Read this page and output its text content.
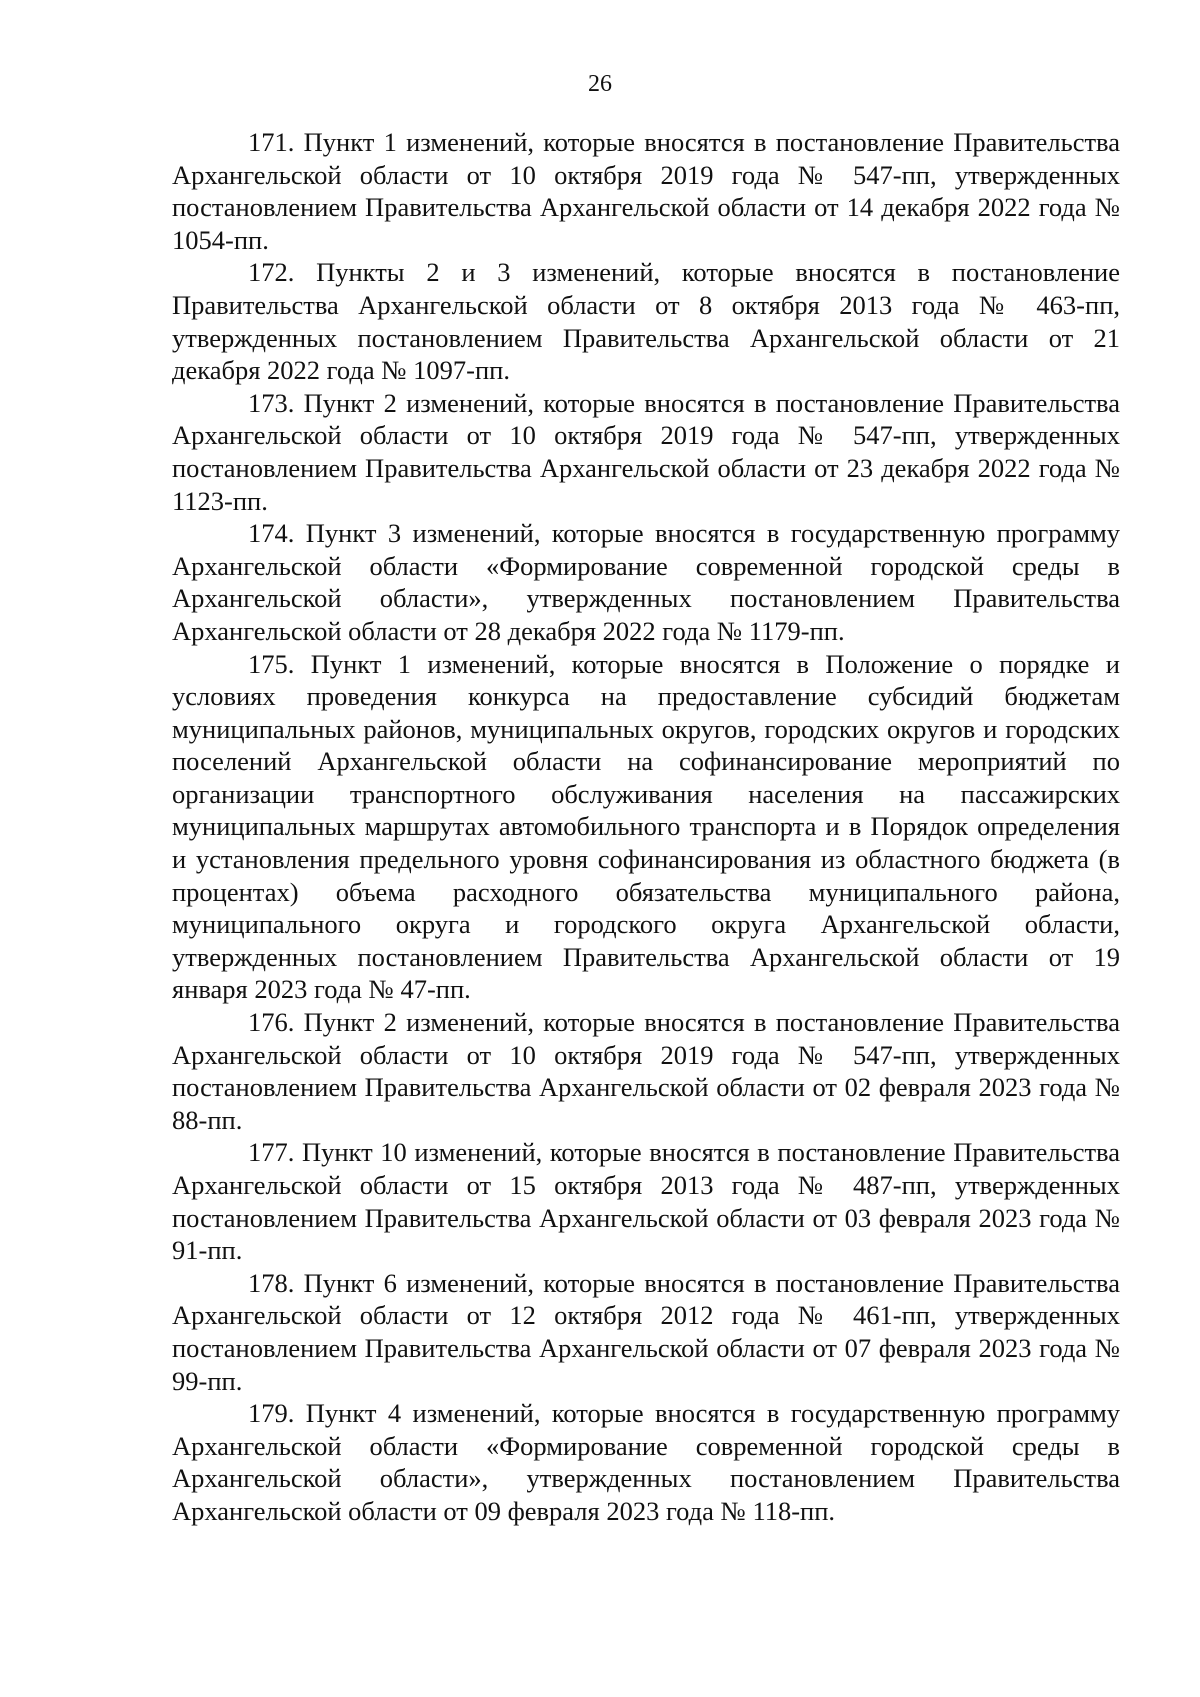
26

171. Пункт 1 изменений, которые вносятся в постановление Правительства Архангельской области от 10 октября 2019 года № 547-пп, утвержденных постановлением Правительства Архангельской области от 14 декабря 2022 года № 1054-пп.

172. Пункты 2 и 3 изменений, которые вносятся в постановление Правительства Архангельской области от 8 октября 2013 года № 463-пп, утвержденных постановлением Правительства Архангельской области от 21 декабря 2022 года № 1097-пп.

173. Пункт 2 изменений, которые вносятся в постановление Правительства Архангельской области от 10 октября 2019 года № 547-пп, утвержденных постановлением Правительства Архангельской области от 23 декабря 2022 года № 1123-пп.

174. Пункт 3 изменений, которые вносятся в государственную программу Архангельской области «Формирование современной городской среды в Архангельской области», утвержденных постановлением Правительства Архангельской области от 28 декабря 2022 года № 1179-пп.

175. Пункт 1 изменений, которые вносятся в Положение о порядке и условиях проведения конкурса на предоставление субсидий бюджетам муниципальных районов, муниципальных округов, городских округов и городских поселений Архангельской области на софинансирование мероприятий по организации транспортного обслуживания населения на пассажирских муниципальных маршрутах автомобильного транспорта и в Порядок определения и установления предельного уровня софинансирования из областного бюджета (в процентах) объема расходного обязательства муниципального района, муниципального округа и городского округа Архангельской области, утвержденных постановлением Правительства Архангельской области от 19 января 2023 года № 47-пп.

176. Пункт 2 изменений, которые вносятся в постановление Правительства Архангельской области от 10 октября 2019 года № 547-пп, утвержденных постановлением Правительства Архангельской области от 02 февраля 2023 года № 88-пп.

177. Пункт 10 изменений, которые вносятся в постановление Правительства Архангельской области от 15 октября 2013 года № 487-пп, утвержденных постановлением Правительства Архангельской области от 03 февраля 2023 года № 91-пп.

178. Пункт 6 изменений, которые вносятся в постановление Правительства Архангельской области от 12 октября 2012 года № 461-пп, утвержденных постановлением Правительства Архангельской области от 07 февраля 2023 года № 99-пп.

179. Пункт 4 изменений, которые вносятся в государственную программу Архангельской области «Формирование современной городской среды в Архангельской области», утвержденных постановлением Правительства Архангельской области от 09 февраля 2023 года № 118-пп.
